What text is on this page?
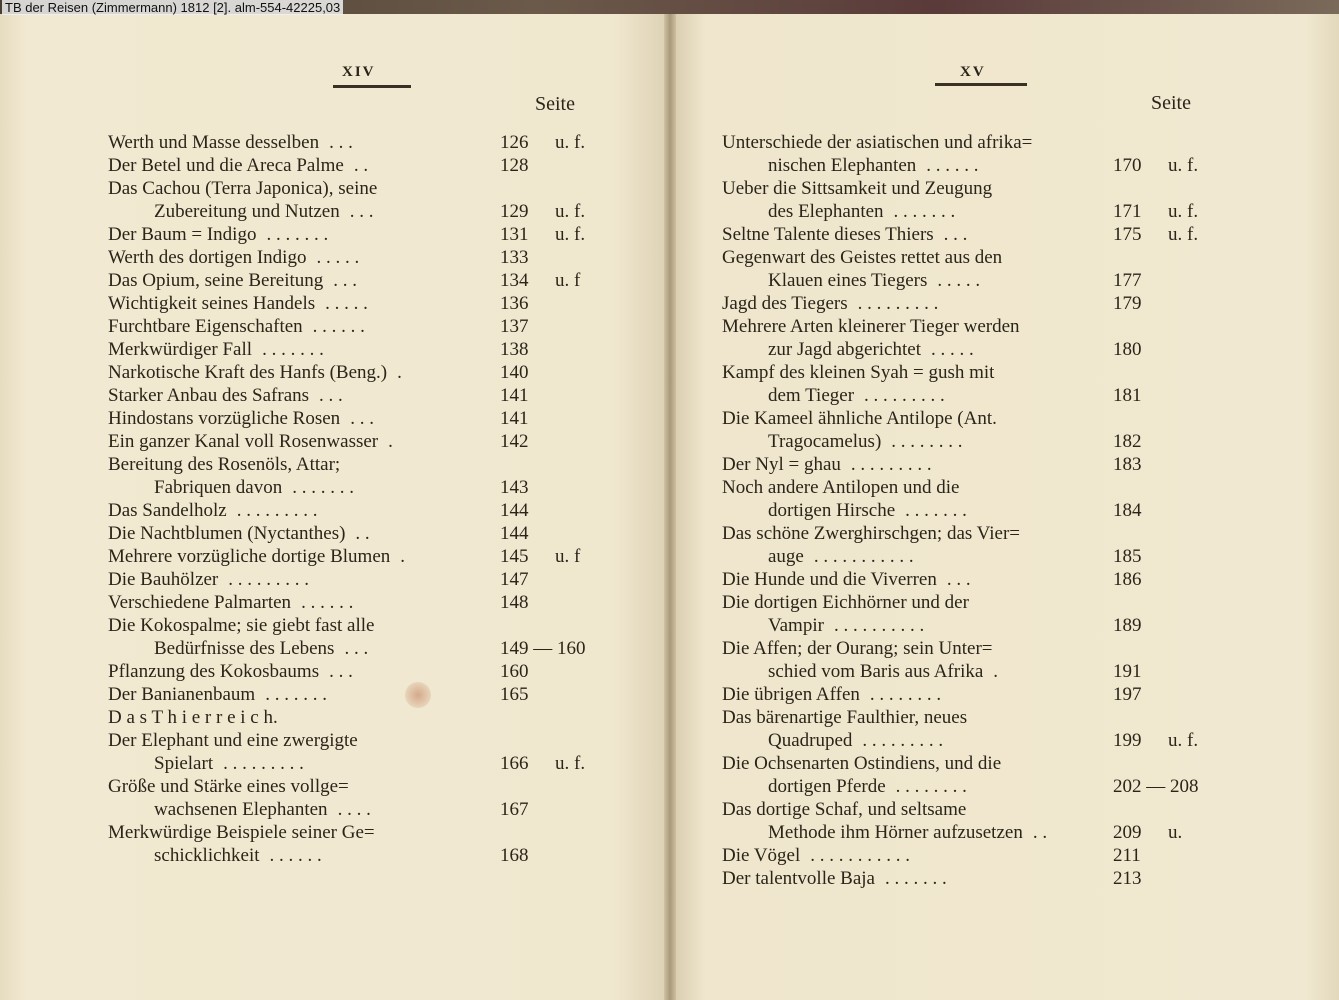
XIV
Seite
Werth und Masse desselben . . .	126 u. f.
Der Betel und die Areca Palme . .	128
Das Cachou (Terra Japonica), seine
Zubereitung und Nutzen . . .	129 u. f.
Der Baum = Indigo . . . . . . .	131 u. f.
Werth des dortigen Indigo . . . . .	133
Das Opium, seine Bereitung . . .	134 u. f
Wichtigkeit seines Handels . . . . .	136
Furchtbare Eigenschaften . . . . . .	137
Merkwürdiger Fall . . . . . . .	138
Narkotische Kraft des Hanfs (Beng.) .	140
Starker Anbau des Safrans . . .	141
Hindostans vorzügliche Rosen . . .	141
Ein ganzer Kanal voll Rosenwasser .	142
Bereitung des Rosenöls, Attar;
Fabriquen davon . . . . . . .	143
Das Sandelholz . . . . . . . . .	144
Die Nachtblumen (Nyctanthes) . .	144
Mehrere vorzügliche dortige Blumen .	145 u. f
Die Bauhölzer . . . . . . . . .	147
Verschiedene Palmarten . . . . . .	148
Die Kokospalme; sie giebt fast alle
Bedürfnisse des Lebens . . .	149 — 160
Pflanzung des Kokosbaums . . .	160
Der Banianenbaum . . . . . . .	165
D a s T h i e r r e i c h.
Der Elephant und eine zwergigte
Spielart . . . . . . . . .	166 u. f.
Größe und Stärke eines vollge=
wachsenen Elephanten . . . .	167
Merkwürdige Beispiele seiner Ge=
schicklichkeit . . . . . .	168
XV
Seite
Unterschiede der asiatischen und afrika=
nischen Elephanten . . . . . .	170 u. f.
Ueber die Sittsamkeit und Zeugung
des Elephanten . . . . . . .	171 u. f.
Seltne Talente dieses Thiers . . .	175 u. f.
Gegenwart des Geistes rettet aus den
Klauen eines Tiegers . . . . .	177
Jagd des Tiegers . . . . . . . . .	179
Mehrere Arten kleinerer Tieger werden
zur Jagd abgerichtet . . . . .	180
Kampf des kleinen Syah = gush mit
dem Tieger . . . . . . . . .	181
Die Kameel ähnliche Antilope (Ant.
Tragocamelus) . . . . . . . .	182
Der Nyl = ghau . . . . . . . . .	183
Noch andere Antilopen und die
dortigen Hirsche . . . . . . .	184
Das schöne Zwerghirschgen; das Vier=
auge . . . . . . . . . . .	185
Die Hunde und die Viverren . . .	186
Die dortigen Eichhörner und der
Vampir . . . . . . . . . .	189
Die Affen; der Ourang; sein Unter=
schied vom Baris aus Afrika .	191
Die übrigen Affen . . . . . . . .	197
Das bärenartige Faulthier, neues
Quadruped . . . . . . . . .	199 u. f.
Die Ochsenarten Ostindiens, und die
dortigen Pferde . . . . . . . .	202 — 208
Das dortige Schaf, und seltsame
Methode ihm Hörner aufzusetzen . .	209 u.
Die Vögel . . . . . . . . . . .	211
Der talentvolle Baja . . . . . . .	213
TB der Reisen (Zimmermann) 1812 [2]. alm-554-42225,03
